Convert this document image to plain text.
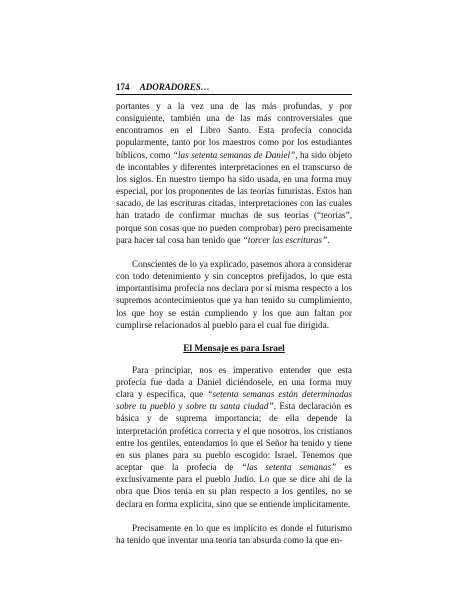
174 ADORADORES…

portantes y a la vez una de las más profundas, y por consiguiente, también una de las más controversiales que encontramos en el Libro Santo. Esta profecía conocida popularmente, tanto por los maestros como por los estudiantes bíblicos, como “las setenta semanas de Daniel”, ha sido objeto de incontables y diferentes interpretaciones en el transcurso de los siglos. En nuestro tiempo ha sido usada, en una forma muy especial, por los proponentes de las teorías futuristas. Estos han sacado, de las escrituras citadas, interpretaciones con las cuales han tratado de confirmar muchas de sus teorías (“teorías”, porque son cosas que no pueden comprobar) pero precisamente para hacer tal cosa han tenido que “torcer las escrituras”.

Conscientes de lo ya explicado, pasemos ahora a considerar con todo detenimiento y sin conceptos prefijados, lo que esta importantísima profecía nos declara por sí misma respecto a los supremos acontecimientos que ya han tenido su cumplimiento, los que hoy se están cumpliendo y los que aun faltan por cumplirse relacionados al pueblo para el cual fue dirigida.

El Mensaje es para Israel

Para principiar, nos es imperativo entender que esta profecía fue dada a Daniel diciéndosele, en una forma muy clara y específica, que “setenta semanas están determinadas sobre tu pueblo y sobre tu santa ciudad”. Esta declaración es básica y de suprema importancia; de ella depende la interpretación profética correcta y el que nosotros, los cristianos entre los gentiles, entendamos lo que el Señor ha tenido y tiene en sus planes para su pueblo escogido: Israel. Tenemos que aceptar que la profecía de “las setenta semanas” es exclusivamente para el pueblo Judío. Lo que se dice ahí de la obra que Dios tenía en su plan respecto a los gentiles, no se declara en forma explícita, sino que se entiende implícitamente.

Precisamente en lo que es implícito es donde el futurismo ha tenido que inventar una teoría tan absurda como la que en-
